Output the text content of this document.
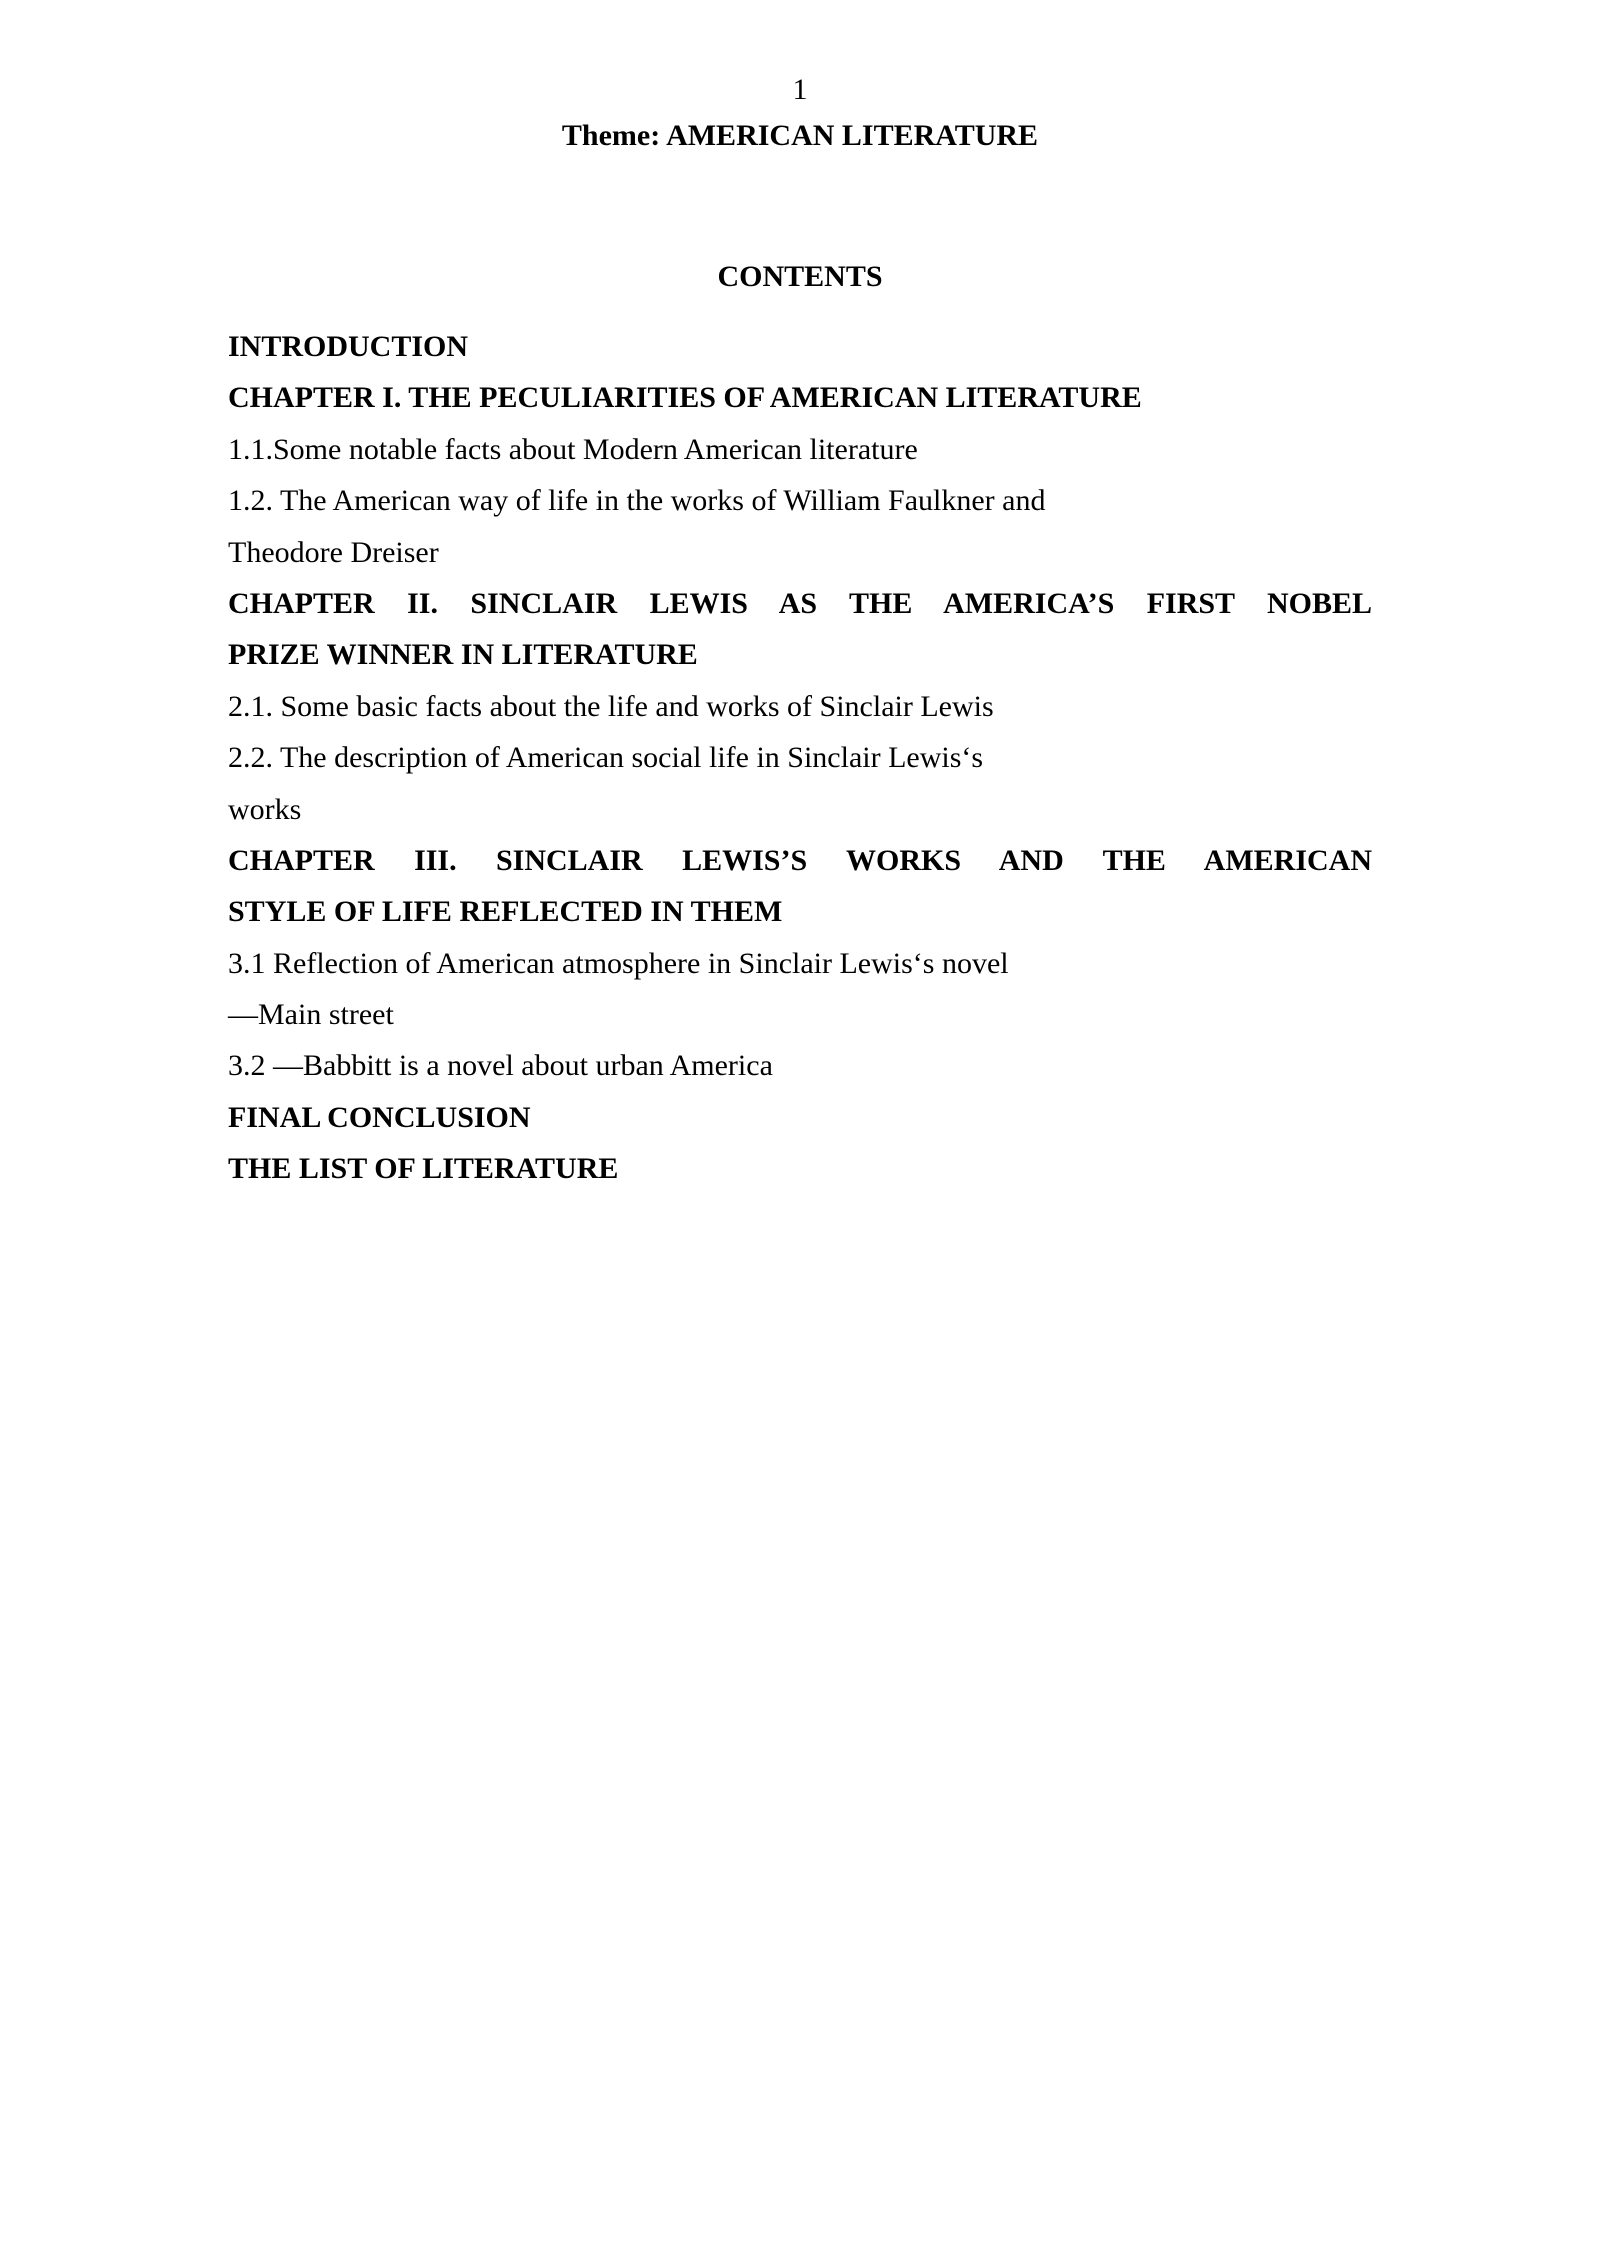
1
Theme: AMERICAN LITERATURE
CONTENTS
INTRODUCTION
CHAPTER I. THE PECULIARITIES OF AMERICAN LITERATURE
1.1.Some notable facts about Modern American literature
1.2. The American way of life in the works of William Faulkner and
Theodore Dreiser
CHAPTER II. SINCLAIR LEWIS AS THE AMERICA’S FIRST NOBEL
PRIZE WINNER IN LITERATURE
2.1. Some basic facts about the life and works of Sinclair Lewis
2.2. The description of American social life in Sinclair Lewis‘s
works
CHAPTER III. SINCLAIR LEWIS’S WORKS AND THE AMERICAN
STYLE OF LIFE REFLECTED IN THEM
3.1 Reflection of American atmosphere in Sinclair Lewis‘s novel
—Main street
3.2 —Babbitt is a novel about urban America
FINAL CONCLUSION
THE LIST OF LITERATURE
